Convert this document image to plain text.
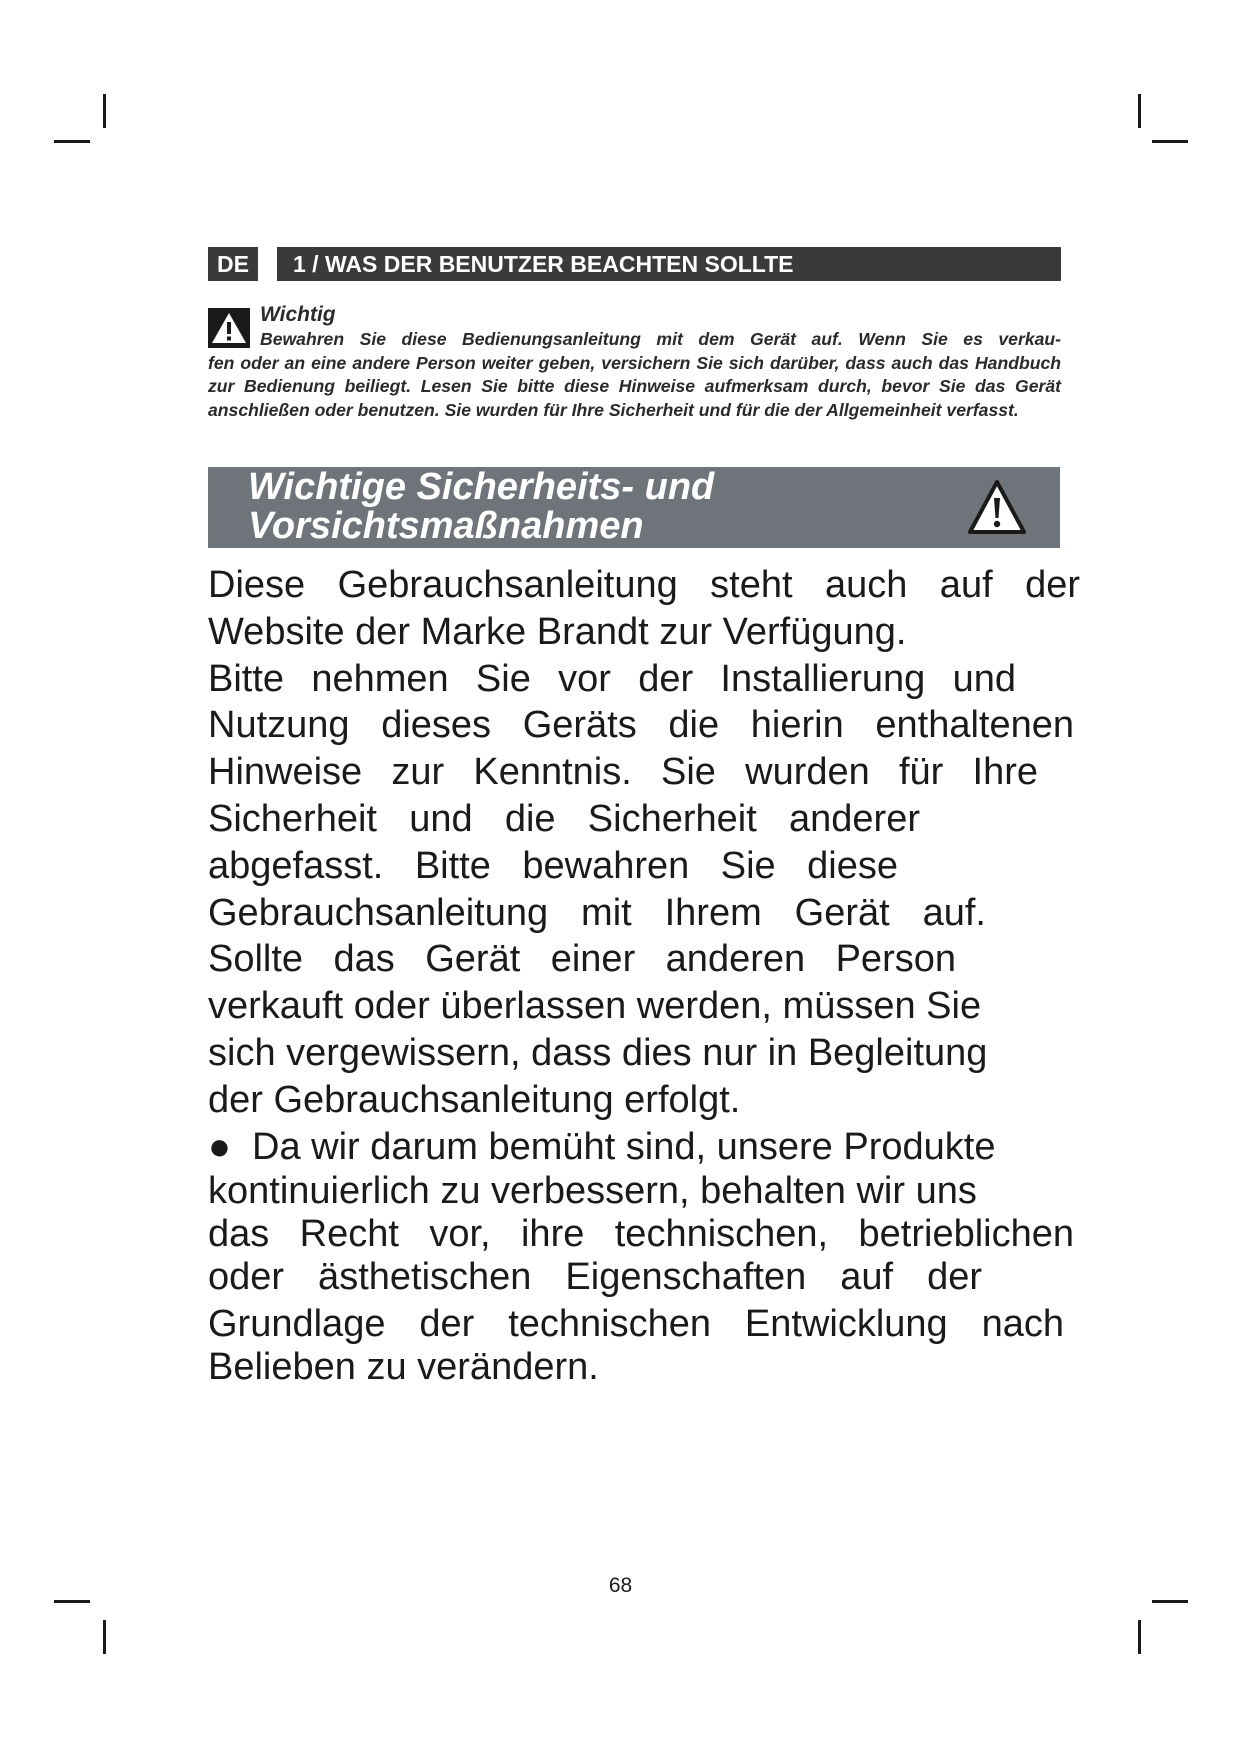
DE	1 / WAS DER BENUTZER BEACHTEN SOLLTE
Wichtig
Bewahren Sie diese Bedienungsanleitung mit dem Gerät auf. Wenn Sie es verkau-
fen oder an eine andere Person weiter geben, versichern Sie sich darüber, dass auch das Handbuch zur Bedienung beiliegt. Lesen Sie bitte diese Hinweise aufmerksam durch, bevor Sie das Gerät anschließen oder benutzen. Sie wurden für Ihre Sicherheit und für die der Allgemeinheit verfasst.
Wichtige Sicherheits- und
Vorsichtsmaßnahmen
Diese Gebrauchsanleitung steht auch auf der
Website der Marke Brandt zur Verfügung.
Bitte nehmen Sie vor der Installierung und
Nutzung dieses Geräts die hierin enthaltenen
Hinweise zur Kenntnis. Sie wurden für Ihre
Sicherheit und die Sicherheit anderer
abgefasst. Bitte bewahren Sie diese
Gebrauchsanleitung mit Ihrem Gerät auf.
Sollte das Gerät einer anderen Person
verkauft oder überlassen werden, müssen Sie
sich vergewissern, dass dies nur in Begleitung
der Gebrauchsanleitung erfolgt.
● Da wir darum bemüht sind, unsere Produkte
kontinuierlich zu verbessern, behalten wir uns
das Recht vor, ihre technischen, betrieblichen
oder ästhetischen Eigenschaften auf der
Grundlage der technischen Entwicklung nach
Belieben zu verändern.
68
